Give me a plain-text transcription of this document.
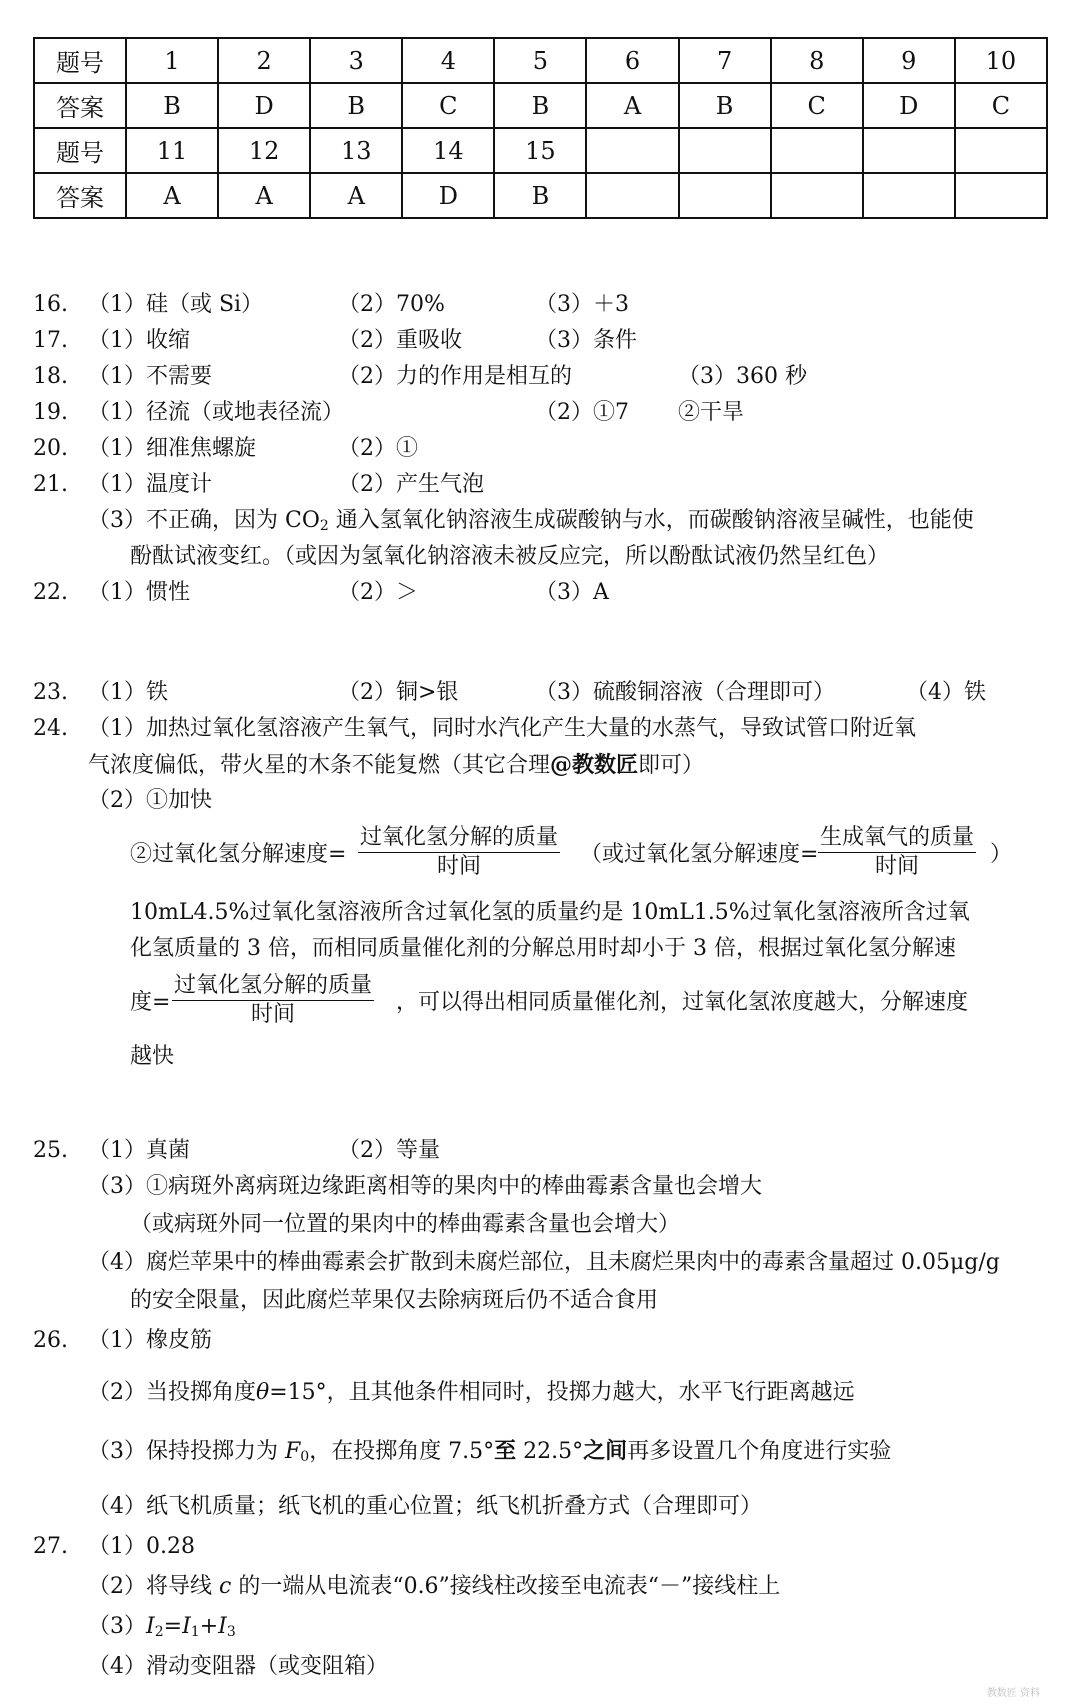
题号	1	2	3	4	5	6	7	8	9	10
答案	B	D	B	C	B	A	B	C	D	C
题号	11	12	13	14	15					
答案	A	A	A	D	B					
16. （1）硅（或 Si）	（2）70%	（3）＋3
17. （1）收缩	（2）重吸收	（3）条件
18. （1）不需要	（2）力的作用是相互的	（3）360 秒
19. （1）径流（或地表径流）	（2）①7 ②干旱
20. （1）细准焦螺旋	（2）①
21. （1）温度计	（2）产生气泡
（3）不正确，因为 $CO_2$ 通入氢氧化钠溶液生成碳酸钠与水，而碳酸钠溶液呈碱性，也能使
酚酞试液变红。（或因为氢氧化钠溶液未被反应完，所以酚酞试液仍然呈红色）
22. （1）惯性	（2）＞	（3）A
23. （1）铁	（2）铜>银	（3）硫酸铜溶液（合理即可）	（4）铁
24. （1）加热过氧化氢溶液产生氧气，同时水汽化产生大量的水蒸气，导致试管口附近氧
气浓度偏低，带火星的木条不能复燃（其它合理@教数匠即可）
（2）①加快
②过氧化氢分解速度=
过氧化氢分解的质量
时间	（或过氧化氢分解速度=
生成氧气的质量
时间	）
10mL4.5%过氧化氢溶液所含过氧化氢的质量约是 10mL1.5%过氧化氢溶液所含过氧
化氢质量的 3 倍，而相同质量催化剂的分解总用时却小于 3 倍，根据过氧化氢分解速
度=
过氧化氢分解的质量
时间	，可以得出相同质量催化剂，过氧化氢浓度越大，分解速度
越快
25. （1）真菌	（2）等量
（3）①病斑外离病斑边缘距离相等的果肉中的棒曲霉素含量也会增大
（或病斑外同一位置的果肉中的棒曲霉素含量也会增大）
（4）腐烂苹果中的棒曲霉素会扩散到未腐烂部位，且未腐烂果肉中的毒素含量超过 0.05μg/g
的安全限量，因此腐烂苹果仅去除病斑后仍不适合食用
26. （1）橡皮筋
（2）当投掷角度θ=15°，且其他条件相同时，投掷力越大，水平飞行距离越远
（3）保持投掷力为 $F_0$，在投掷角度 7.5°至 22.5°之间再多设置几个角度进行实验
（4）纸飞机质量；纸飞机的重心位置；纸飞机折叠方式（合理即可）
27. （1）0.28
（2）将导线 c 的一端从电流表“0.6”接线柱改接至电流表“－”接线柱上
$(3)I_2=I_1+I_3$
（4）滑动变阻器（或变阻箱）
教数匠 资料
